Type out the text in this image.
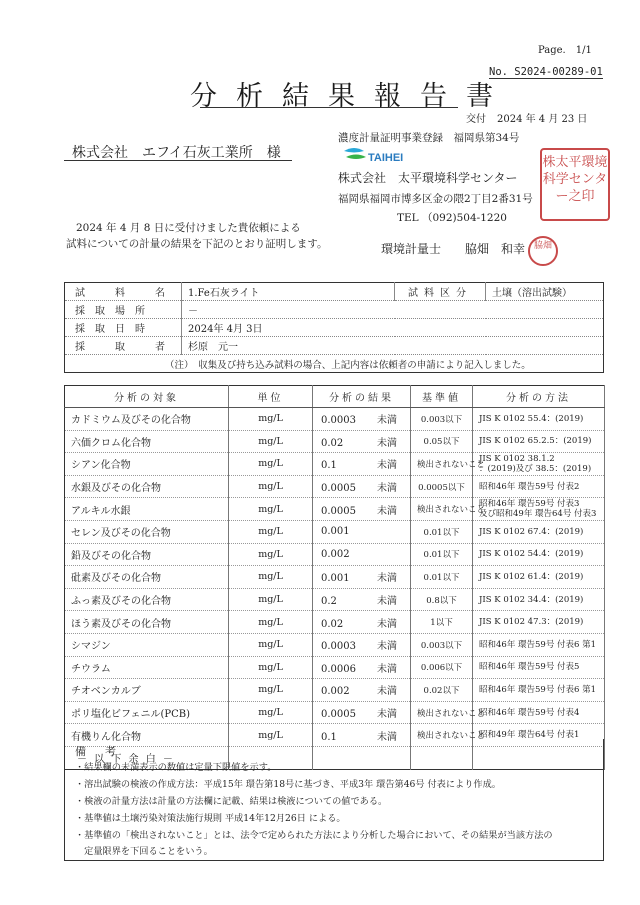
Page.　1/1
No. S2024-00289-01
分析結果報告書
交付 2024 年 4 月 23 日
株式会社　エフイ石灰工業所　様
濃度計量証明事業登録　福岡県第34号
TAIHEI
株式会社　太平環境科学センター
福岡県福岡市博多区金の隈2丁目2番31号
TEL （092)504-1220
環境計量士　　脇畑　和幸
株太平環境科学センター之印
脇畑
2024 年 4 月 8 日に受付けました貴依頼による
試料についての計量の結果を下記のとおり証明します。
試　料　名	1.Fe石灰ライト	試料区分	土壌（溶出試験）
採取場所	－		
採取日時	2024年 4月 3日		
採　取　者	杉原　元一		
（注）　収集及び持ち込み試料の場合、上記内容は依頼者の申請により記入しました。			
分析の対象	単位	分析の結果	基準値	分析の方法
カドミウム及びその化合物	mg/L	0.0003 未満	0.003以下	JIS K 0102 55.4：(2019)

六価クロム化合物	mg/L	0.02 未満	0.05以下	JIS K 0102 65.2.5：(2019)

シアン化合物	mg/L	0.1 未満	検出されないこと	JIS K 0102 38.1.2
：(2019)及び 38.5：(2019)

水銀及びその化合物	mg/L	0.0005 未満	0.0005以下	昭和46年 環告59号 付表2

アルキル水銀	mg/L	0.0005 未満	検出されないこと	昭和46年 環告59号 付表3
及び昭和49年 環告64号 付表3

セレン及びその化合物	mg/L	0.001	0.01以下	JIS K 0102 67.4：(2019)

鉛及びその化合物	mg/L	0.002	0.01以下	JIS K 0102 54.4：(2019)

砒素及びその化合物	mg/L	0.001 未満	0.01以下	JIS K 0102 61.4：(2019)

ふっ素及びその化合物	mg/L	0.2 未満	0.8以下	JIS K 0102 34.4：(2019)

ほう素及びその化合物	mg/L	0.02 未満	1以下	JIS K 0102 47.3：(2019)

シマジン	mg/L	0.0003 未満	0.003以下	昭和46年 環告59号 付表6 第1

チウラム	mg/L	0.0006 未満	0.006以下	昭和46年 環告59号 付表5

チオベンカルブ	mg/L	0.002 未満	0.02以下	昭和46年 環告59号 付表6 第1

ポリ塩化ビフェニル(PCB)	mg/L	0.0005 未満	検出されないこと	昭和46年 環告59号 付表4

有機りん化合物	mg/L	0.1 未満	検出されないこと	昭和49年 環告64号 付表1

－ 以 下 余 白 －				
備　考
・結果欄の未満表示の数値は定量下限値を示す。
・溶出試験の検液の作成方法：平成15年 環告第18号に基づき、平成3年 環告第46号 付表により作成。
・検液の計量方法は計量の方法欄に記載、結果は検液についての値である。
・基準値は土壌汚染対策法施行規則 平成14年12月26日 による。
・基準値の「検出されないこと」とは、法令で定められた方法により分析した場合において、その結果が当該方法の
　定量限界を下回ることをいう。
